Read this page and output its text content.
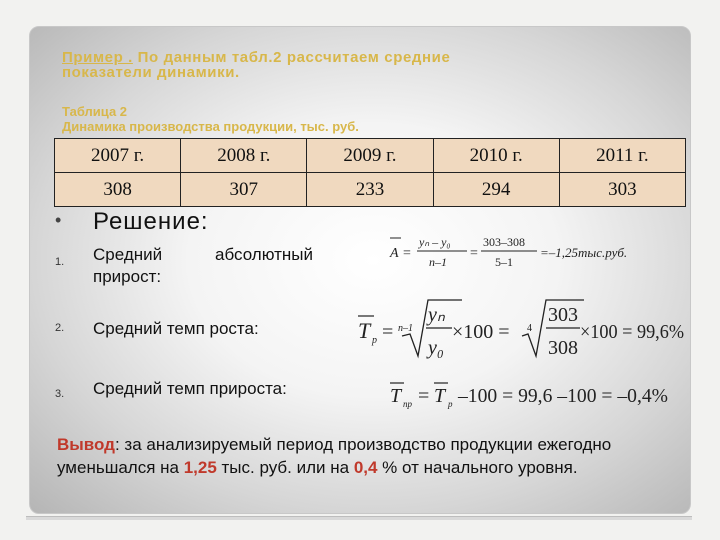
Пример . По данным табл.2 рассчитаем средние
показатели динамики.
Таблица 2
Динамика производства продукции, тыс. руб.
2007 г.	2008 г.	2009 г.	2010 г.	2011 г.
308	307	233	294	303
• Решение:
1. Средний	абсолютный
прирост:
2. Средний темп роста:
3. Средний темп прироста:
A =
yₙ – y₀
n–1
=
303–308
5–1
=–1,25тыс.руб.
T p = n–1
yₙ
y₀
×100 = 4
303
308
×100 = 99,6%
T пр = T р –100 = 99,6 –100 = –0,4%
Вывод: за анализируемый период производство продукции ежегодно уменьшался на 1,25 тыс. руб. или на 0,4 % от начального уровня.
